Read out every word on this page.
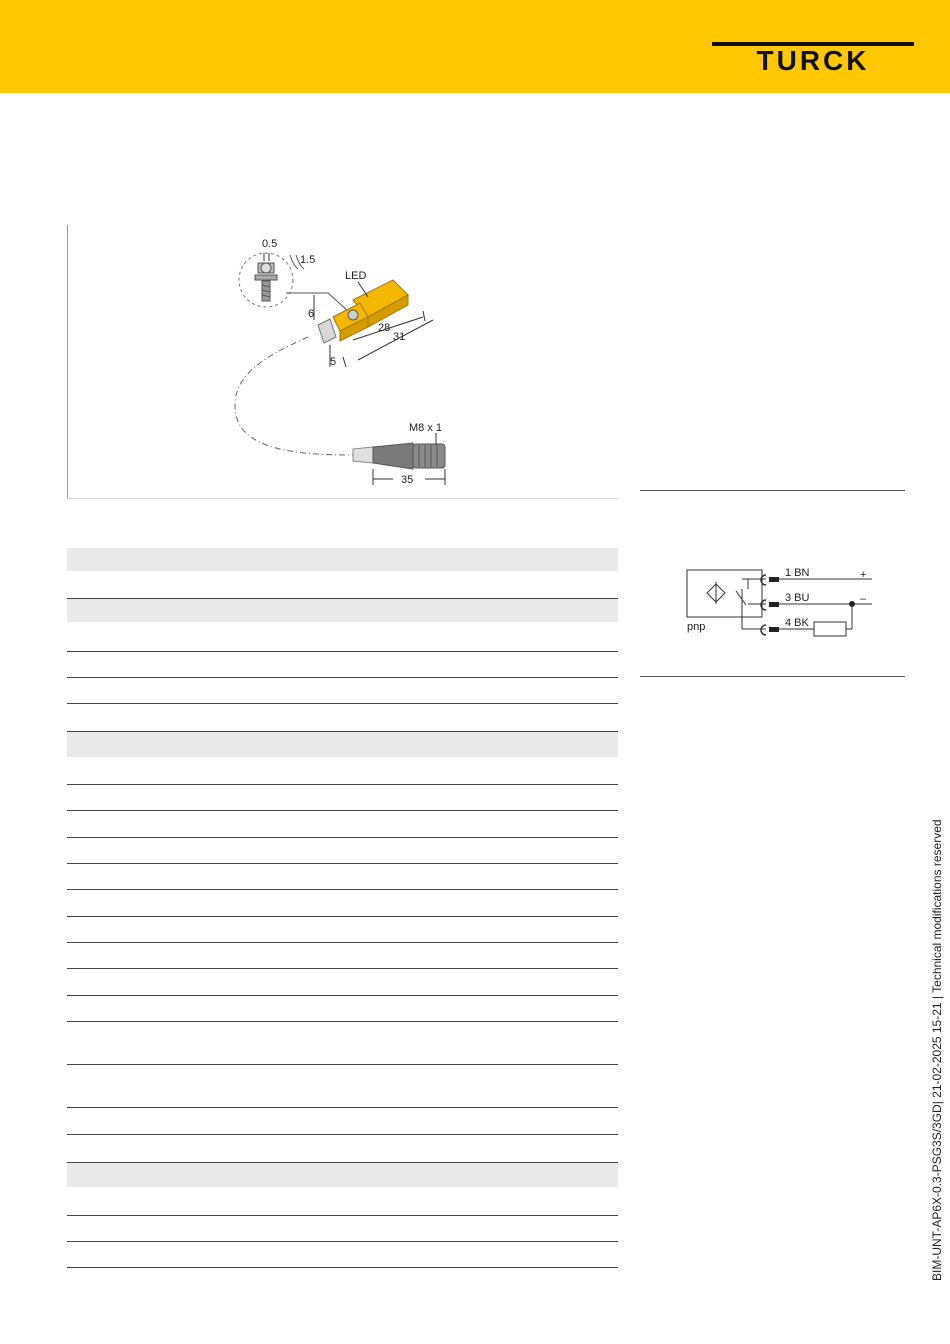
TURCK
0.5
1.5
LED
6
28
31
5
M8 x 1
35
pnp
1 BN	+
3 BU	–
4 BK
BIM-UNT-AP6X-0.3-PSG3S/3GD| 21-02-2025 15-21 | Technical modifications reserved
